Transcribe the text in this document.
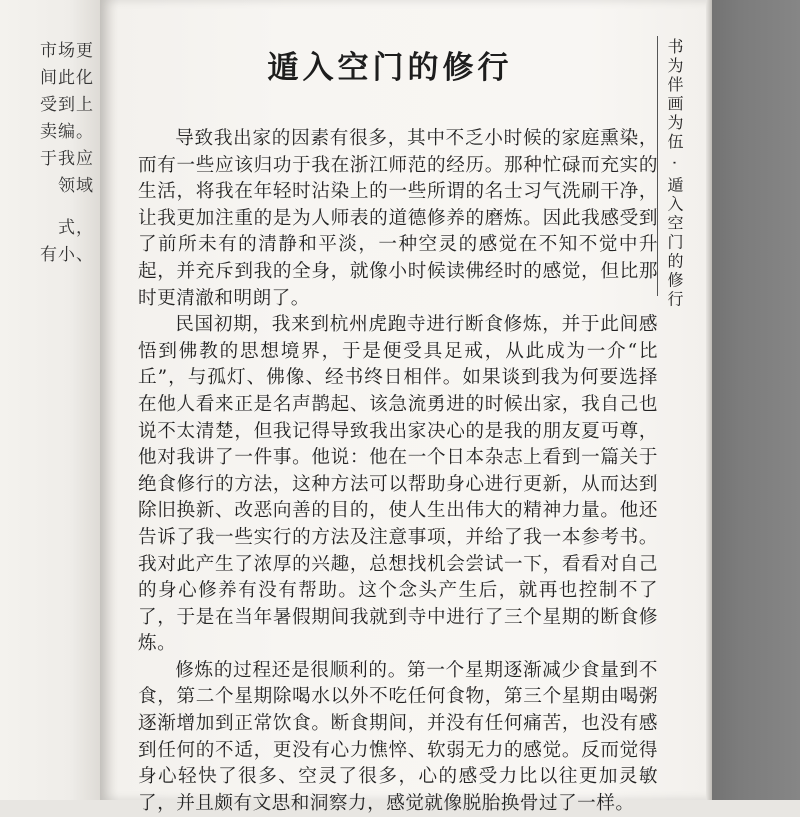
市场更
间此化
受到上
卖编。
于我应
领域
式，
有小、
遁入空门的修行	书为伴画为伍 · 遁入空门的修行

导致我出家的因素有很多，其中不乏小时候的家庭熏染，而有一些应该归功于我在浙江师范的经历。那种忙碌而充实的生活，将我在年轻时沾染上的一些所谓的名士习气洗刷干净，让我更加注重的是为人师表的道德修养的磨炼。因此我感受到了前所未有的清静和平淡，一种空灵的感觉在不知不觉中升起，并充斥到我的全身，就像小时候读佛经时的感觉，但比那时更清澈和明朗了。

民国初期，我来到杭州虎跑寺进行断食修炼，并于此间感悟到佛教的思想境界，于是便受具足戒，从此成为一介“比丘”，与孤灯、佛像、经书终日相伴。如果谈到我为何要选择在他人看来正是名声鹊起、该急流勇进的时候出家，我自己也说不太清楚，但我记得导致我出家决心的是我的朋友夏丏尊，他对我讲了一件事。他说：他在一个日本杂志上看到一篇关于绝食修行的方法，这种方法可以帮助身心进行更新，从而达到除旧换新、改恶向善的目的，使人生出伟大的精神力量。他还告诉了我一些实行的方法及注意事项，并给了我一本参考书。我对此产生了浓厚的兴趣，总想找机会尝试一下，看看对自己的身心修养有没有帮助。这个念头产生后，就再也控制不了了，于是在当年暑假期间我就到寺中进行了三个星期的断食修炼。

修炼的过程还是很顺利的。第一个星期逐渐减少食量到不食，第二个星期除喝水以外不吃任何食物，第三个星期由喝粥逐渐增加到正常饮食。断食期间，并没有任何痛苦，也没有感到任何的不适，更没有心力憔悴、软弱无力的感觉。反而觉得身心轻快了很多、空灵了很多，心的感受力比以往更加灵敏了，并且颇有文思和洞察力，感觉就像脱胎换骨过了一样。
